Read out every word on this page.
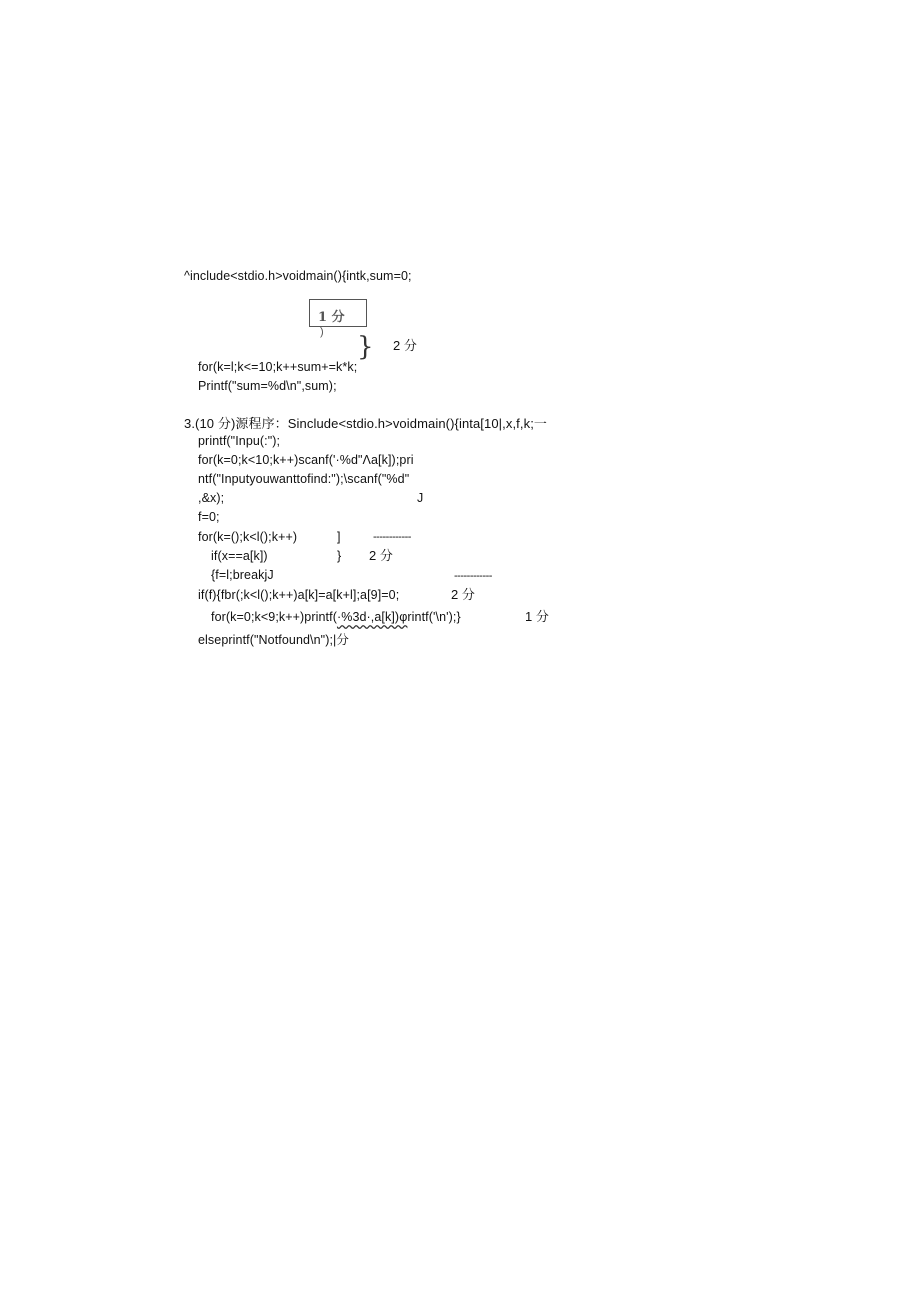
^include<stdio.h>voidmain(){intk,sum=0;
1 分
) } 2 分
for(k=l;k<=10;k++sum+=k*k;
Printf("sum=%d\n",sum);
3.(10 分)源程序：Sinclude<stdio.h>voidmain(){inta[10|,x,f,k;一
printf("Inpu(:");
for(k=0;k<10;k++)scanf('·%d"Λa[k]);pri
ntf("Inputyouwanttofind:");\scanf("%d"
,&x);	J
f=0;
for(k=();k<l();k++)	]	------------
if(x==a[k])	} 2 分
{f=l;breakjJ	------------
if(f){fbr(;k<l();k++)a[k]=a[k+l];a[9]=0;	2 分
for(k=0;k<9;k++)printf(·%3d·,a[k])φrintf('\n');}	1 分
elseprintf("Notfound\n");|分
